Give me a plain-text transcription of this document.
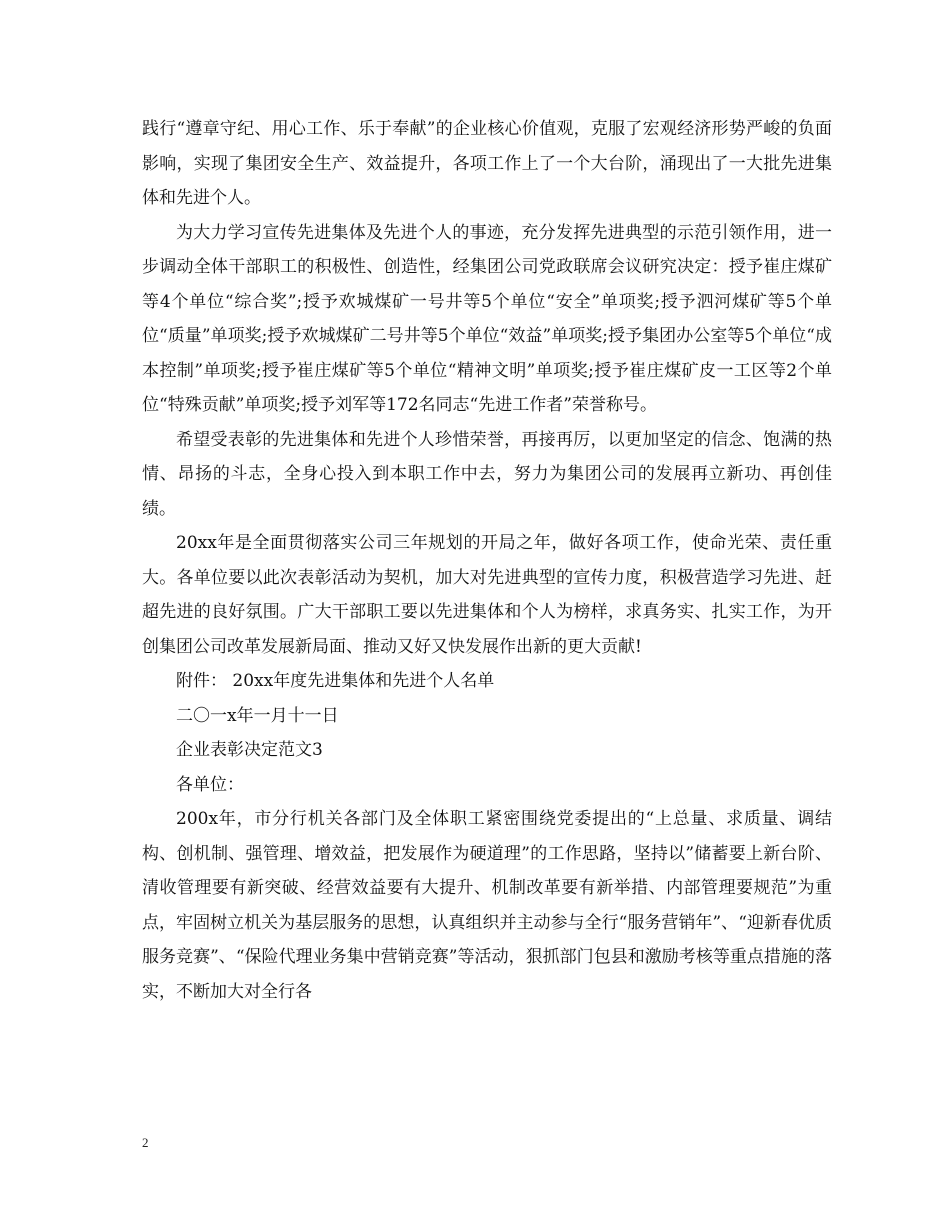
践行“遵章守纪、用心工作、乐于奉献”的企业核心价值观，克服了宏观经济形势严峻的负面影响，实现了集团安全生产、效益提升，各项工作上了一个大台阶，涌现出了一大批先进集体和先进个人。

为大力学习宣传先进集体及先进个人的事迹，充分发挥先进典型的示范引领作用，进一步调动全体干部职工的积极性、创造性，经集团公司党政联席会议研究决定：授予崔庄煤矿等4个单位“综合奖”;授予欢城煤矿一号井等5个单位“安全”单项奖;授予泗河煤矿等5个单位“质量”单项奖;授予欢城煤矿二号井等5个单位“效益”单项奖;授予集团办公室等5个单位“成本控制”单项奖;授予崔庄煤矿等5个单位“精神文明”单项奖;授予崔庄煤矿皮一工区等2个单位“特殊贡献”单项奖;授予刘军等172名同志“先进工作者”荣誉称号。

希望受表彰的先进集体和先进个人珍惜荣誉，再接再厉，以更加坚定的信念、饱满的热情、昂扬的斗志，全身心投入到本职工作中去，努力为集团公司的发展再立新功、再创佳绩。

20xx年是全面贯彻落实公司三年规划的开局之年，做好各项工作，使命光荣、责任重大。各单位要以此次表彰活动为契机，加大对先进典型的宣传力度，积极营造学习先进、赶超先进的良好氛围。广大干部职工要以先进集体和个人为榜样，求真务实、扎实工作，为开创集团公司改革发展新局面、推动又好又快发展作出新的更大贡献!

附件： 20xx年度先进集体和先进个人名单

二〇一x年一月十一日

企业表彰决定范文3

各单位：

200x年，市分行机关各部门及全体职工紧密围绕党委提出的“上总量、求质量、调结构、创机制、强管理、增效益，把发展作为硬道理”的工作思路，坚持以”储蓄要上新台阶、清收管理要有新突破、经营效益要有大提升、机制改革要有新举措、内部管理要规范”为重点，牢固树立机关为基层服务的思想，认真组织并主动参与全行“服务营销年”、“迎新春优质服务竞赛”、“保险代理业务集中营销竞赛”等活动，狠抓部门包县和激励考核等重点措施的落实，不断加大对全行各

2
